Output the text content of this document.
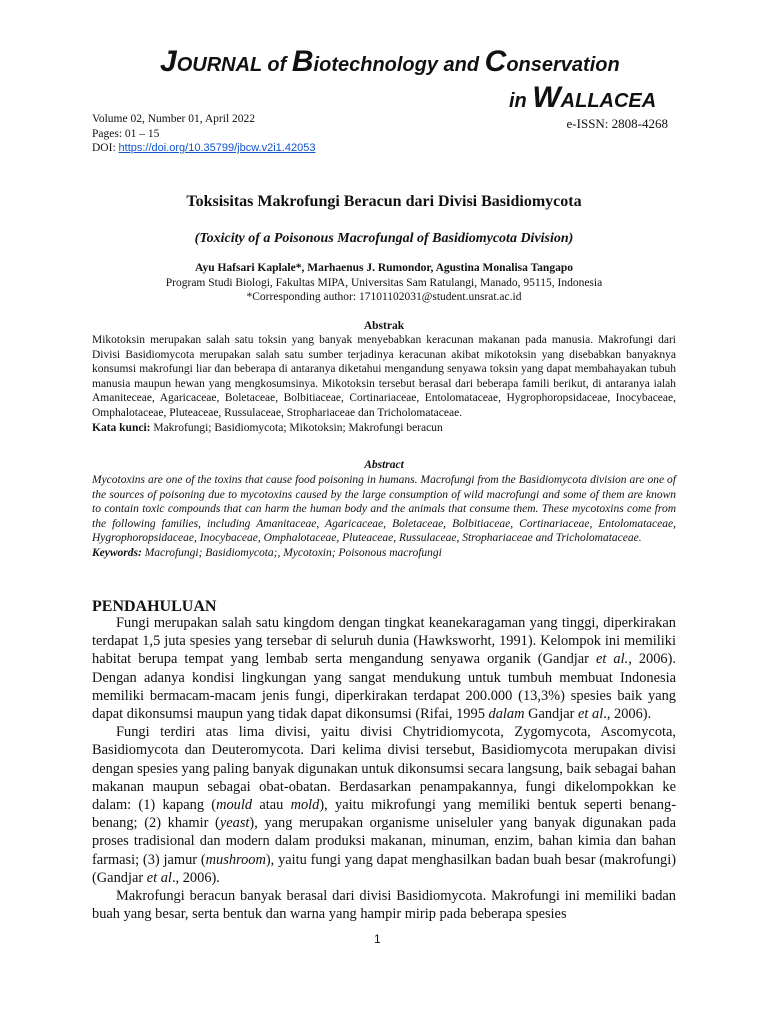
JOURNAL of Biotechnology and Conservation
in WALLACEA
Volume 02, Number 01, April 2022
Pages: 01 – 15
DOI: https://doi.org/10.35799/jbcw.v2i1.42053
e-ISSN: 2808-4268
Toksisitas Makrofungi Beracun dari Divisi Basidiomycota
(Toxicity of a Poisonous Macrofungal of Basidiomycota Division)
Ayu Hafsari Kaplale*, Marhaenus J. Rumondor, Agustina Monalisa Tangapo
Program Studi Biologi, Fakultas MIPA, Universitas Sam Ratulangi, Manado, 95115, Indonesia
*Corresponding author: 17101102031@student.unsrat.ac.id
Abstrak
Mikotoksin merupakan salah satu toksin yang banyak menyebabkan keracunan makanan pada manusia. Makrofungi dari Divisi Basidiomycota merupakan salah satu sumber terjadinya keracunan akibat mikotoksin yang disebabkan banyaknya konsumsi makrofungi liar dan beberapa di antaranya diketahui mengandung senyawa toksin yang dapat membahayakan tubuh manusia maupun hewan yang mengkosumsinya. Mikotoksin tersebut berasal dari beberapa famili berikut, di antaranya ialah Amaniteceae, Agaricaceae, Boletaceae, Bolbitiaceae, Cortinariaceae, Entolomataceae, Hygrophoropsidaceae, Inocybaceae, Omphalotaceae, Pluteaceae, Russulaceae, Strophariaceae dan Tricholomataceae.
Kata kunci: Makrofungi; Basidiomycota; Mikotoksin; Makrofungi beracun
Abstract
Mycotoxins are one of the toxins that cause food poisoning in humans. Macrofungi from the Basidiomycota division are one of the sources of poisoning due to mycotoxins caused by the large consumption of wild macrofungi and some of them are known to contain toxic compounds that can harm the human body and the animals that consume them. These mycotoxins come from the following families, including Amanitaceae, Agaricaceae, Boletaceae, Bolbitiaceae, Cortinariaceae, Entolomataceae, Hygrophoropsidaceae, Inocybaceae, Omphalotaceae, Pluteaceae, Russulaceae, Strophariaceae and Tricholomataceae.
Keywords: Macrofungi; Basidiomycota;, Mycotoxin; Poisonous macrofungi
PENDAHULUAN

Fungi merupakan salah satu kingdom dengan tingkat keanekaragaman yang tinggi, diperkirakan terdapat 1,5 juta spesies yang tersebar di seluruh dunia (Hawksworht, 1991). Kelompok ini memiliki habitat berupa tempat yang lembab serta mengandung senyawa organik (Gandjar et al., 2006). Dengan adanya kondisi lingkungan yang sangat mendukung untuk tumbuh membuat Indonesia memiliki bermacam-macam jenis fungi, diperkirakan terdapat 200.000 (13,3%) spesies baik yang dapat dikonsumsi maupun yang tidak dapat dikonsumsi (Rifai, 1995 dalam Gandjar et al., 2006).

Fungi terdiri atas lima divisi, yaitu divisi Chytridiomycota, Zygomycota, Ascomycota, Basidiomycota dan Deuteromycota. Dari kelima divisi tersebut, Basidiomycota merupakan divisi dengan spesies yang paling banyak digunakan untuk dikonsumsi secara langsung, baik sebagai bahan makanan maupun sebagai obat-obatan. Berdasarkan penampakannya, fungi dikelompokkan ke dalam: (1) kapang (mould atau mold), yaitu mikrofungi yang memiliki bentuk seperti benang-benang; (2) khamir (yeast), yang merupakan organisme uniseluler yang banyak digunakan pada proses tradisional dan modern dalam produksi makanan, minuman, enzim, bahan kimia dan bahan farmasi; (3) jamur (mushroom), yaitu fungi yang dapat menghasilkan badan buah besar (makrofungi) (Gandjar et al., 2006).

Makrofungi beracun banyak berasal dari divisi Basidiomycota. Makrofungi ini memiliki badan buah yang besar, serta bentuk dan warna yang hampir mirip pada beberapa spesies

1
